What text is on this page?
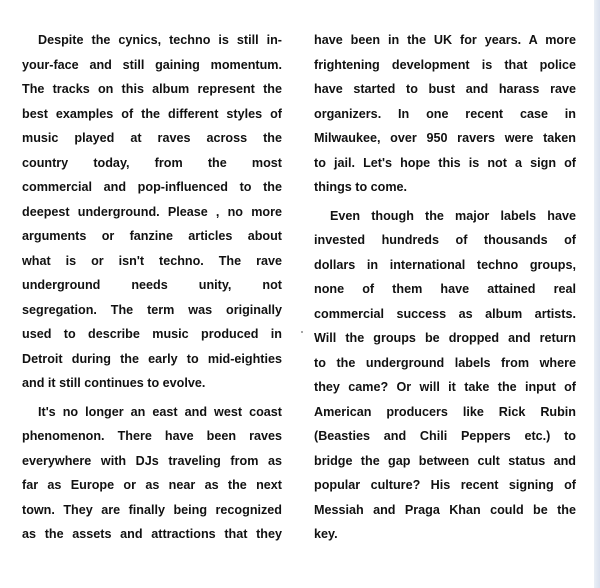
Despite the cynics, techno is still in-
your-face and still gaining momentum.
The tracks on this album represent the
best examples of the different styles of
music played at raves across the
country today, from the most
commercial and pop-influenced to the
deepest underground. Please , no more
arguments or fanzine articles about
what is or isn't techno. The rave
underground needs unity, not
segregation. The term was originally
used to describe music produced in
Detroit during the early to mid-eighties
and it still continues to evolve.
It's no longer an east and west coast
phenomenon. There have been raves
everywhere with DJs traveling from as
far as Europe or as near as the next
town. They are finally being recognized
as the assets and attractions that they
have been in the UK for years. A more
frightening development is that police
have started to bust and harass rave
organizers. In one recent case in
Milwaukee, over 950 ravers were taken
to jail. Let's hope this is not a sign of
things to come.
Even though the major labels have
invested hundreds of thousands of
dollars in international techno groups,
none of them have attained real
commercial success as album artists.
Will the groups be dropped and return
to the underground labels from where
they came? Or will it take the input of
American producers like Rick Rubin
(Beasties and Chili Peppers etc.) to
bridge the gap between cult status and
popular culture? His recent signing of
Messiah and Praga Khan could be the
key.
